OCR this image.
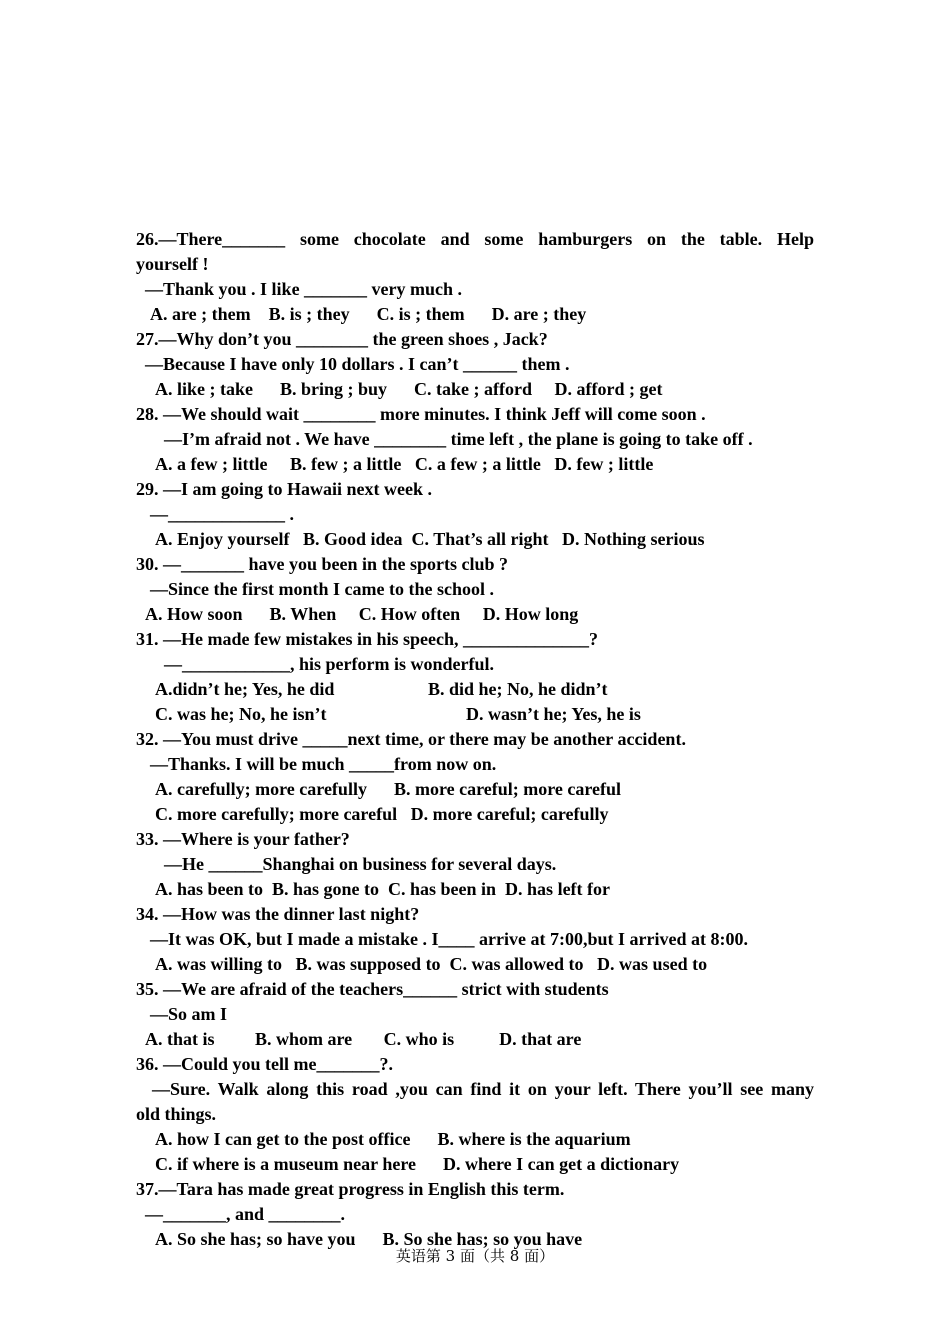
26.—There_______ some chocolate and some hamburgers on the table. Help
yourself !
—Thank you . I like _______ very much .
A. are ; them    B. is ; they      C. is ; them      D. are ; they
27.—Why don’t you ________ the green shoes , Jack?
—Because I have only 10 dollars . I can’t ______ them .
A. like ; take      B. bring ; buy      C. take ; afford     D. afford ; get
28. —We should wait ________ more minutes. I think Jeff will come soon .
—I’m afraid not . We have ________ time left , the plane is going to take off .
A. a few ; little     B. few ; a little   C. a few ; a little   D. few ; little
29. —I am going to Hawaii next week .
—_____________ .
A. Enjoy yourself   B. Good idea  C. That’s all right   D. Nothing serious
30. —_______ have you been in the sports club ?
—Since the first month I came to the school .
A. How soon      B. When     C. How often     D. How long
31. —He made few mistakes in his speech, ______________?
—____________, his perform is wonderful.
A.didn’t he; Yes, he did	B. did he; No, he didn’t
C. was he; No, he isn’t	D. wasn’t he; Yes, he is
32. —You must drive _____next time, or there may be another accident.
—Thanks. I will be much _____from now on.
A. carefully; more carefully      B. more careful; more careful
C. more carefully; more careful   D. more careful; carefully
33. —Where is your father?
—He ______Shanghai on business for several days.
A. has been to  B. has gone to  C. has been in  D. has left for
34. —How was the dinner last night?
—It was OK, but I made a mistake . I____ arrive at 7:00,but I arrived at 8:00.
A. was willing to   B. was supposed to  C. was allowed to   D. was used to
35. —We are afraid of the teachers______ strict with students
—So am I
A. that is         B. whom are       C. who is          D. that are
36. —Could you tell me_______?.
—Sure. Walk along this road ,you can find it on your left. There you’ll see many
old things.
A. how I can get to the post office      B. where is the aquarium
C. if where is a museum near here      D. where I can get a dictionary
37.—Tara has made great progress in English this term.
—_______, and ________.
A. So she has; so have you      B. So she has; so you have
英语第 3 面（共 8 面）
